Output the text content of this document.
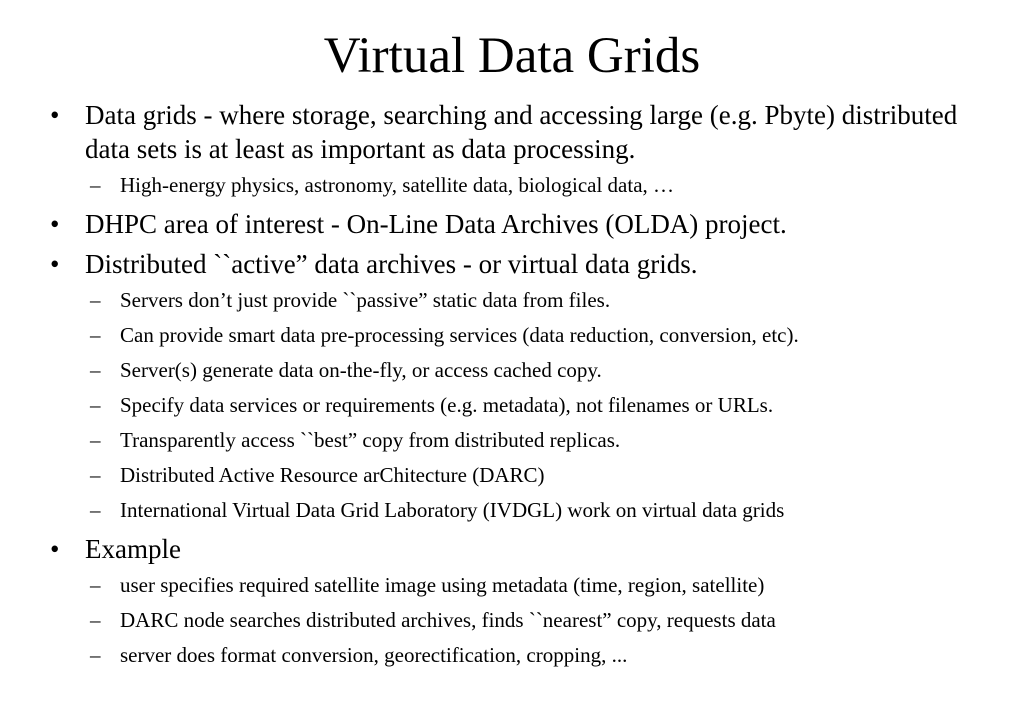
Virtual Data Grids
• Data grids - where storage, searching and accessing large (e.g. Pbyte) distributed data sets is at least as important as data processing.
– High-energy physics, astronomy, satellite data, biological data, …
• DHPC area of interest - On-Line Data Archives (OLDA) project.
• Distributed ``active” data archives - or virtual data grids.
– Servers don’t just provide ``passive” static data from files.
– Can provide smart data pre-processing services (data reduction, conversion, etc).
– Server(s) generate data on-the-fly, or access cached copy.
– Specify data services or requirements (e.g. metadata), not filenames or URLs.
– Transparently access ``best” copy from distributed replicas.
– Distributed Active Resource arChitecture (DARC)
– International Virtual Data Grid Laboratory (IVDGL) work on virtual data grids
• Example
– user specifies required satellite image using metadata (time, region, satellite)
– DARC node searches distributed archives, finds ``nearest” copy, requests data
– server does format conversion, georectification, cropping, ...
